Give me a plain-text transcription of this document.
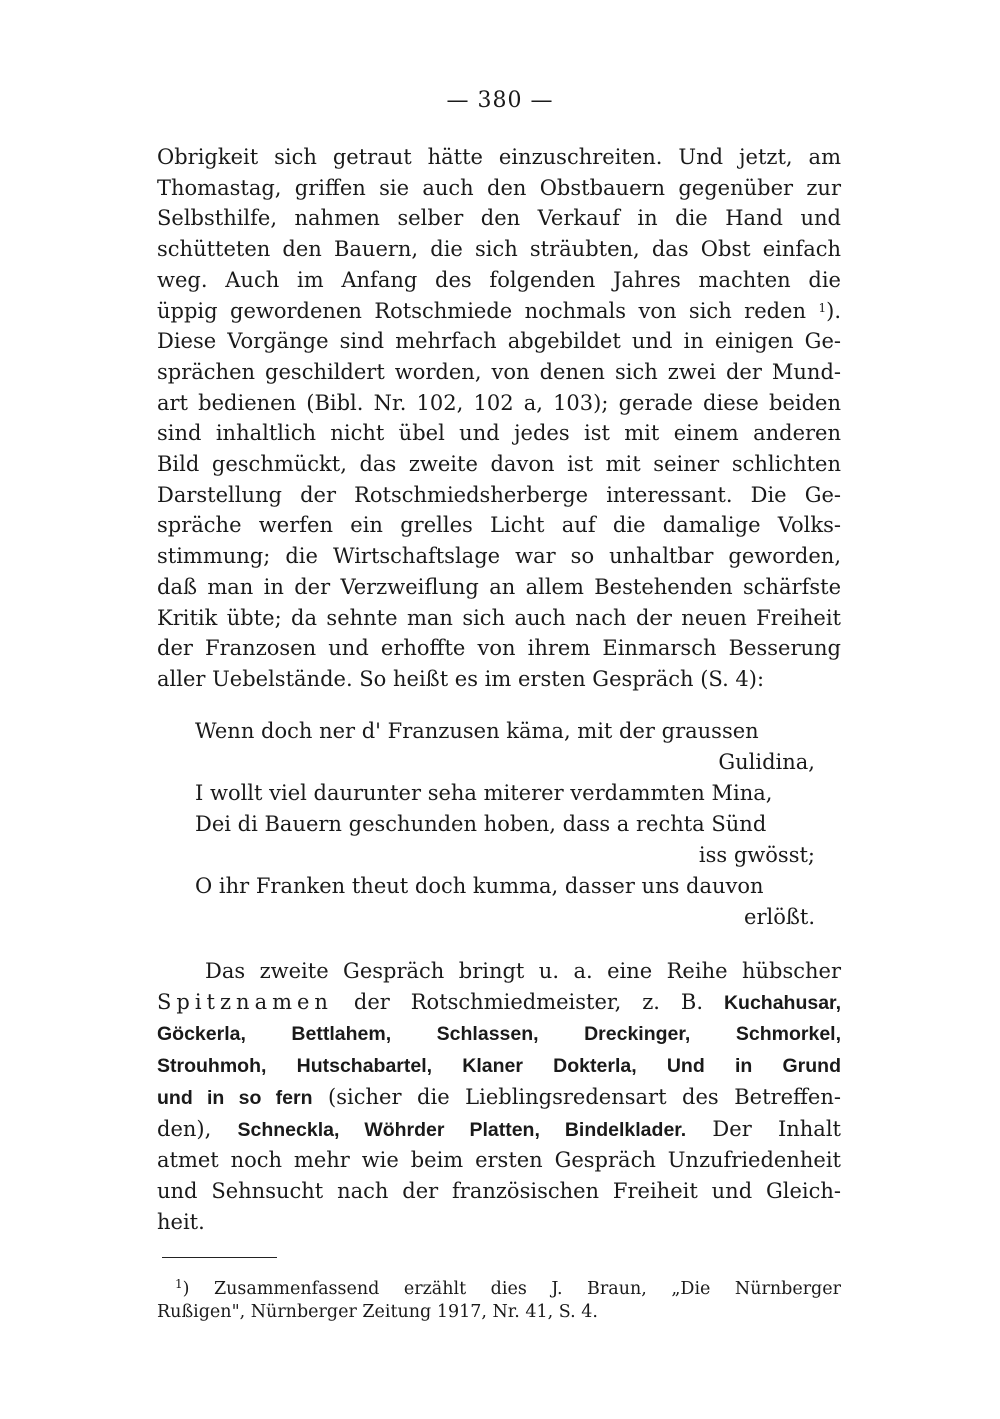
— 380 —
Obrigkeit sich getraut hätte einzuschreiten. Und jetzt, am
Thomastag, griffen sie auch den Obstbauern gegenüber zur
Selbsthilfe, nahmen selber den Verkauf in die Hand und
schütteten den Bauern, die sich sträubten, das Obst einfach
weg. Auch im Anfang des folgenden Jahres machten die
üppig gewordenen Rotschmiede nochmals von sich reden $^1$).
Diese Vorgänge sind mehrfach abgebildet und in einigen Ge-
sprächen geschildert worden, von denen sich zwei der Mund-
art bedienen (Bibl. Nr. 102, 102 a, 103); gerade diese beiden
sind inhaltlich nicht übel und jedes ist mit einem anderen
Bild geschmückt, das zweite davon ist mit seiner schlichten
Darstellung der Rotschmiedsherberge interessant. Die Ge-
spräche werfen ein grelles Licht auf die damalige Volks-
stimmung; die Wirtschaftslage war so unhaltbar geworden,
daß man in der Verzweiflung an allem Bestehenden schärfste
Kritik übte; da sehnte man sich auch nach der neuen Freiheit
der Franzosen und erhoffte von ihrem Einmarsch Besserung
aller Uebelstände. So heißt es im ersten Gespräch (S. 4):
Wenn doch ner d' Franzusen käma, mit der graussen
Gulidina,
I wollt viel daurunter seha miterer verdammten Mina,
Dei di Bauern geschunden hoben, dass a rechta Sünd
iss gwösst;
O ihr Franken theut doch kumma, dasser uns dauvon
erlößt.
Das zweite Gespräch bringt u. a. eine Reihe hübscher
Spitznamen der Rotschmiedmeister, z. B. Kuchahusar,
Göckerla, Bettlahem, Schlassen, Dreckinger, Schmorkel,
Strouhmoh, Hutschabartel, Klaner Dokterla, Und in Grund
und in so fern (sicher die Lieblingsredensart des Betreffen-
den), Schneckla, Wöhrder Platten, Bindelklader. Der Inhalt
atmet noch mehr wie beim ersten Gespräch Unzufriedenheit
und Sehnsucht nach der französischen Freiheit und Gleich-
heit.
$^1$) Zusammenfassend erzählt dies J. Braun, „Die Nürnberger
Rußigen", Nürnberger Zeitung 1917, Nr. 41, S. 4.
